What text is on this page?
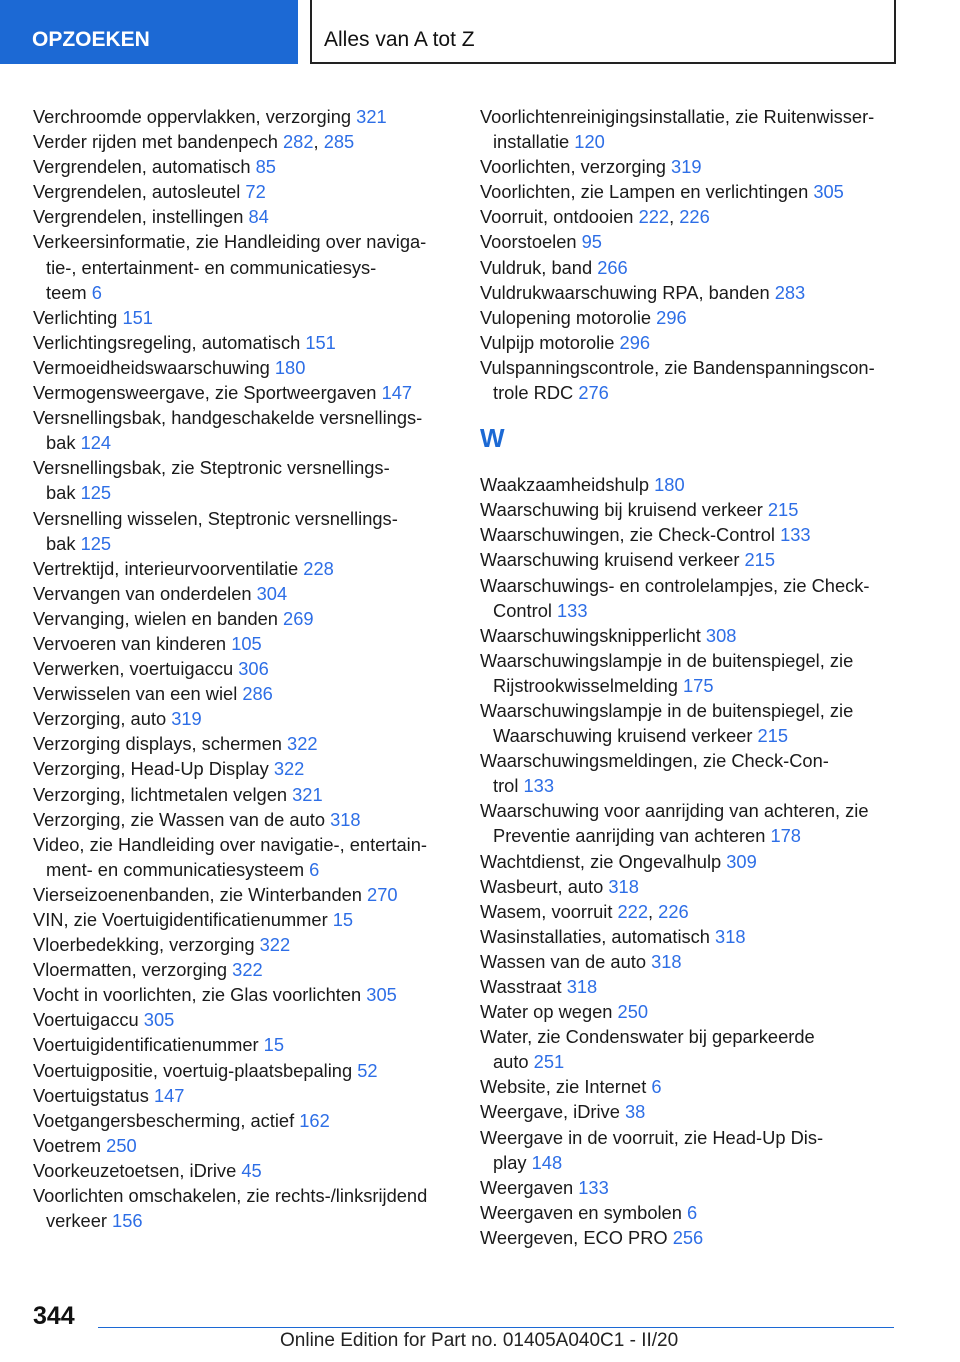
OPZOEKEN	Alles van A tot Z
Verchroomde oppervlakken, verzorging 321
Verder rijden met bandenpech 282, 285
Vergrendelen, automatisch 85
Vergrendelen, autosleutel 72
Vergrendelen, instellingen 84
Verkeersinformatie, zie Handleiding over naviga‐
tie-, entertainment- en communicatiesys‐
teem 6
Verlichting 151
Verlichtingsregeling, automatisch 151
Vermoeidheidswaarschuwing 180
Vermogensweergave, zie Sportweergaven 147
Versnellingsbak, handgeschakelde versnellings‐
bak 124
Versnellingsbak, zie Steptronic versnellings‐
bak 125
Versnelling wisselen, Steptronic versnellings‐
bak 125
Vertrektijd, interieurvoorventilatie 228
Vervangen van onderdelen 304
Vervanging, wielen en banden 269
Vervoeren van kinderen 105
Verwerken, voertuigaccu 306
Verwisselen van een wiel 286
Verzorging, auto 319
Verzorging displays, schermen 322
Verzorging, Head-Up Display 322
Verzorging, lichtmetalen velgen 321
Verzorging, zie Wassen van de auto 318
Video, zie Handleiding over navigatie-, entertain‐
ment- en communicatiesysteem 6
Vierseizoenenbanden, zie Winterbanden 270
VIN, zie Voertuigidentificatienummer 15
Vloerbedekking, verzorging 322
Vloermatten, verzorging 322
Vocht in voorlichten, zie Glas voorlichten 305
Voertuigaccu 305
Voertuigidentificatienummer 15
Voertuigpositie, voertuig-plaatsbepaling 52
Voertuigstatus 147
Voetgangersbescherming, actief 162
Voetrem 250
Voorkeuzetoetsen, iDrive 45
Voorlichten omschakelen, zie rechts-/linksrijdend
verkeer 156
Voorlichtenreinigingsinstallatie, zie Ruitenwisser‐
installatie 120
Voorlichten, verzorging 319
Voorlichten, zie Lampen en verlichtingen 305
Voorruit, ontdooien 222, 226
Voorstoelen 95
Vuldruk, band 266
Vuldrukwaarschuwing RPA, banden 283
Vulopening motorolie 296
Vulpijp motorolie 296
Vulspanningscontrole, zie Bandenspanningscon‐
trole RDC 276
W
Waakzaamheidshulp 180
Waarschuwing bij kruisend verkeer 215
Waarschuwingen, zie Check-Control 133
Waarschuwing kruisend verkeer 215
Waarschuwings- en controlelampjes, zie Check-
Control 133
Waarschuwingsknipperlicht 308
Waarschuwingslampje in de buitenspiegel, zie
Rijstrookwisselmelding 175
Waarschuwingslampje in de buitenspiegel, zie
Waarschuwing kruisend verkeer 215
Waarschuwingsmeldingen, zie Check-Con‐
trol 133
Waarschuwing voor aanrijding van achteren, zie
Preventie aanrijding van achteren 178
Wachtdienst, zie Ongevalhulp 309
Wasbeurt, auto 318
Wasem, voorruit 222, 226
Wasinstallaties, automatisch 318
Wassen van de auto 318
Wasstraat 318
Water op wegen 250
Water, zie Condenswater bij geparkeerde
auto 251
Website, zie Internet 6
Weergave, iDrive 38
Weergave in de voorruit, zie Head-Up Dis‐
play 148
Weergaven 133
Weergaven en symbolen 6
Weergeven, ECO PRO 256
344
Online Edition for Part no. 01405A040C1 - II/20
